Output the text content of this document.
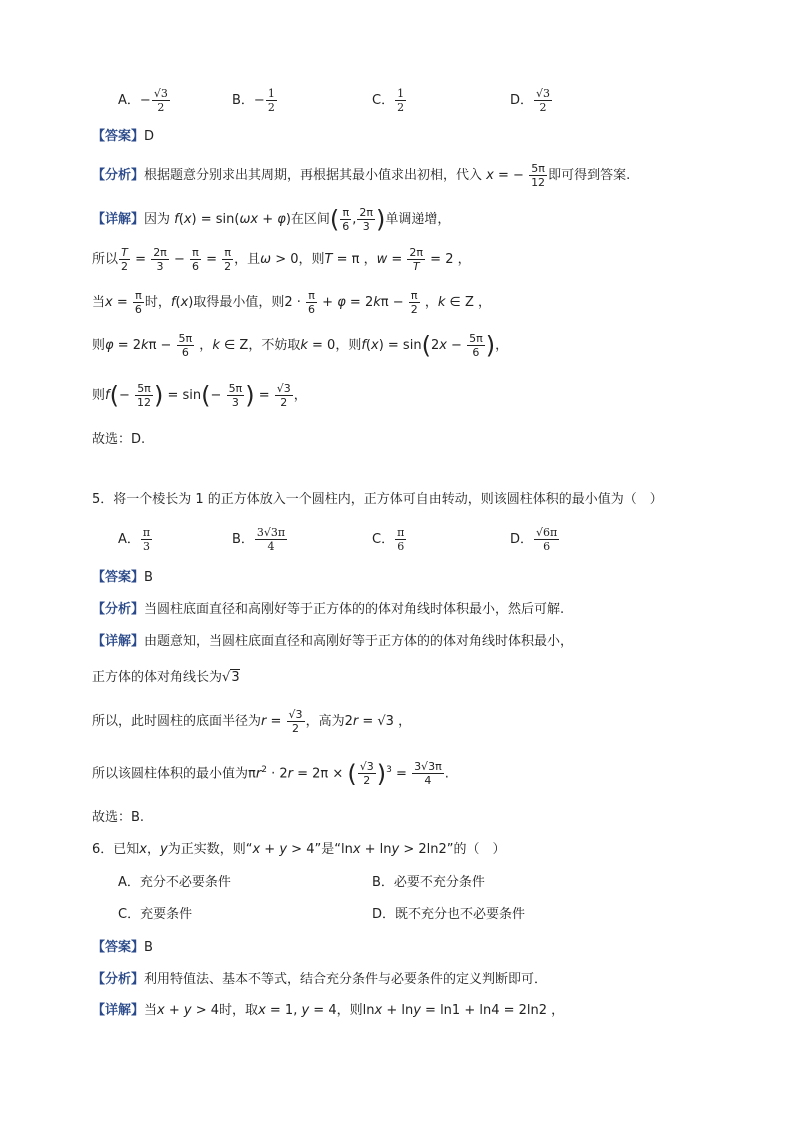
A．− $\frac{√3}{2}$	B．− $\frac{1}{2}$	C． $\frac{1}{2}$	D． $\frac{√3}{2}$
【答案】D
【分析】根据题意分别求出其周期，再根据其最小值求出初相，代入 x = − $\frac{5\pi}{12}$ 即可得到答案.
【详解】因为 f(x) = sin(ωx + φ)在区间( $\frac{\pi}{6}$ , $\frac{2\pi}{3}$ )单调递增，
所以 $\frac{T}{2} = \frac{2\pi}{3} - \frac{\pi}{6} = \frac{\pi}{2}$ ，且ω > 0，则T = π ，$w = \frac{2\pi}{T} = 2$ ，
当$x = \frac{\pi}{6}$ 时，f(x)取得最小值，则$2 \cdot \frac{\pi}{6} + \varphi = 2k\pi - \frac{\pi}{2}$ ，k ∈ Z ，
则$\varphi = 2k\pi - \frac{5\pi}{6}$ ，k ∈ Z，不妨取k = 0，则$f(x) = \sin(2x - \frac{5\pi}{6}$ )，
则$f(- \frac{5\pi}{12}$ ) = $\sin(- \frac{5\pi}{3}$ ) = $\frac{√3}{2}$ ，
故选：D.
5．将一个棱长为 1 的正方体放入一个圆柱内，正方体可自由转动，则该圆柱体积的最小值为（　）
A． $\frac{\pi}{3}$	B． $\frac{3√3\pi}{4}$	C． $\frac{\pi}{6}$	D． $\frac{√6\pi}{6}$
【答案】B
【分析】当圆柱底面直径和高刚好等于正方体的的体对角线时体积最小，然后可解.
【详解】由题意知，当圆柱底面直径和高刚好等于正方体的的体对角线时体积最小，
正方体的体对角线长为√3
所以，此时圆柱的底面半径为$r = \frac{√3}{2}$ ，高为2r = √3 ，
所以该圆柱体积的最小值为$\pi r^2 \cdot 2r = 2\pi$ × ( $\frac{√3}{2} )^3 = \frac{3√3\pi}{4}$ .
故选：B.
6．已知x，y为正实数，则“x + y > 4”是“lnx + lny > 2ln2”的（　）
A．充分不必要条件	B．必要不充分条件
C．充要条件	D．既不充分也不必要条件
【答案】B
【分析】利用特值法、基本不等式，结合充分条件与必要条件的定义判断即可．
【详解】当x + y > 4时，取x = 1, y = 4，则lnx + lny = ln1 + ln4 = 2ln2 ，
